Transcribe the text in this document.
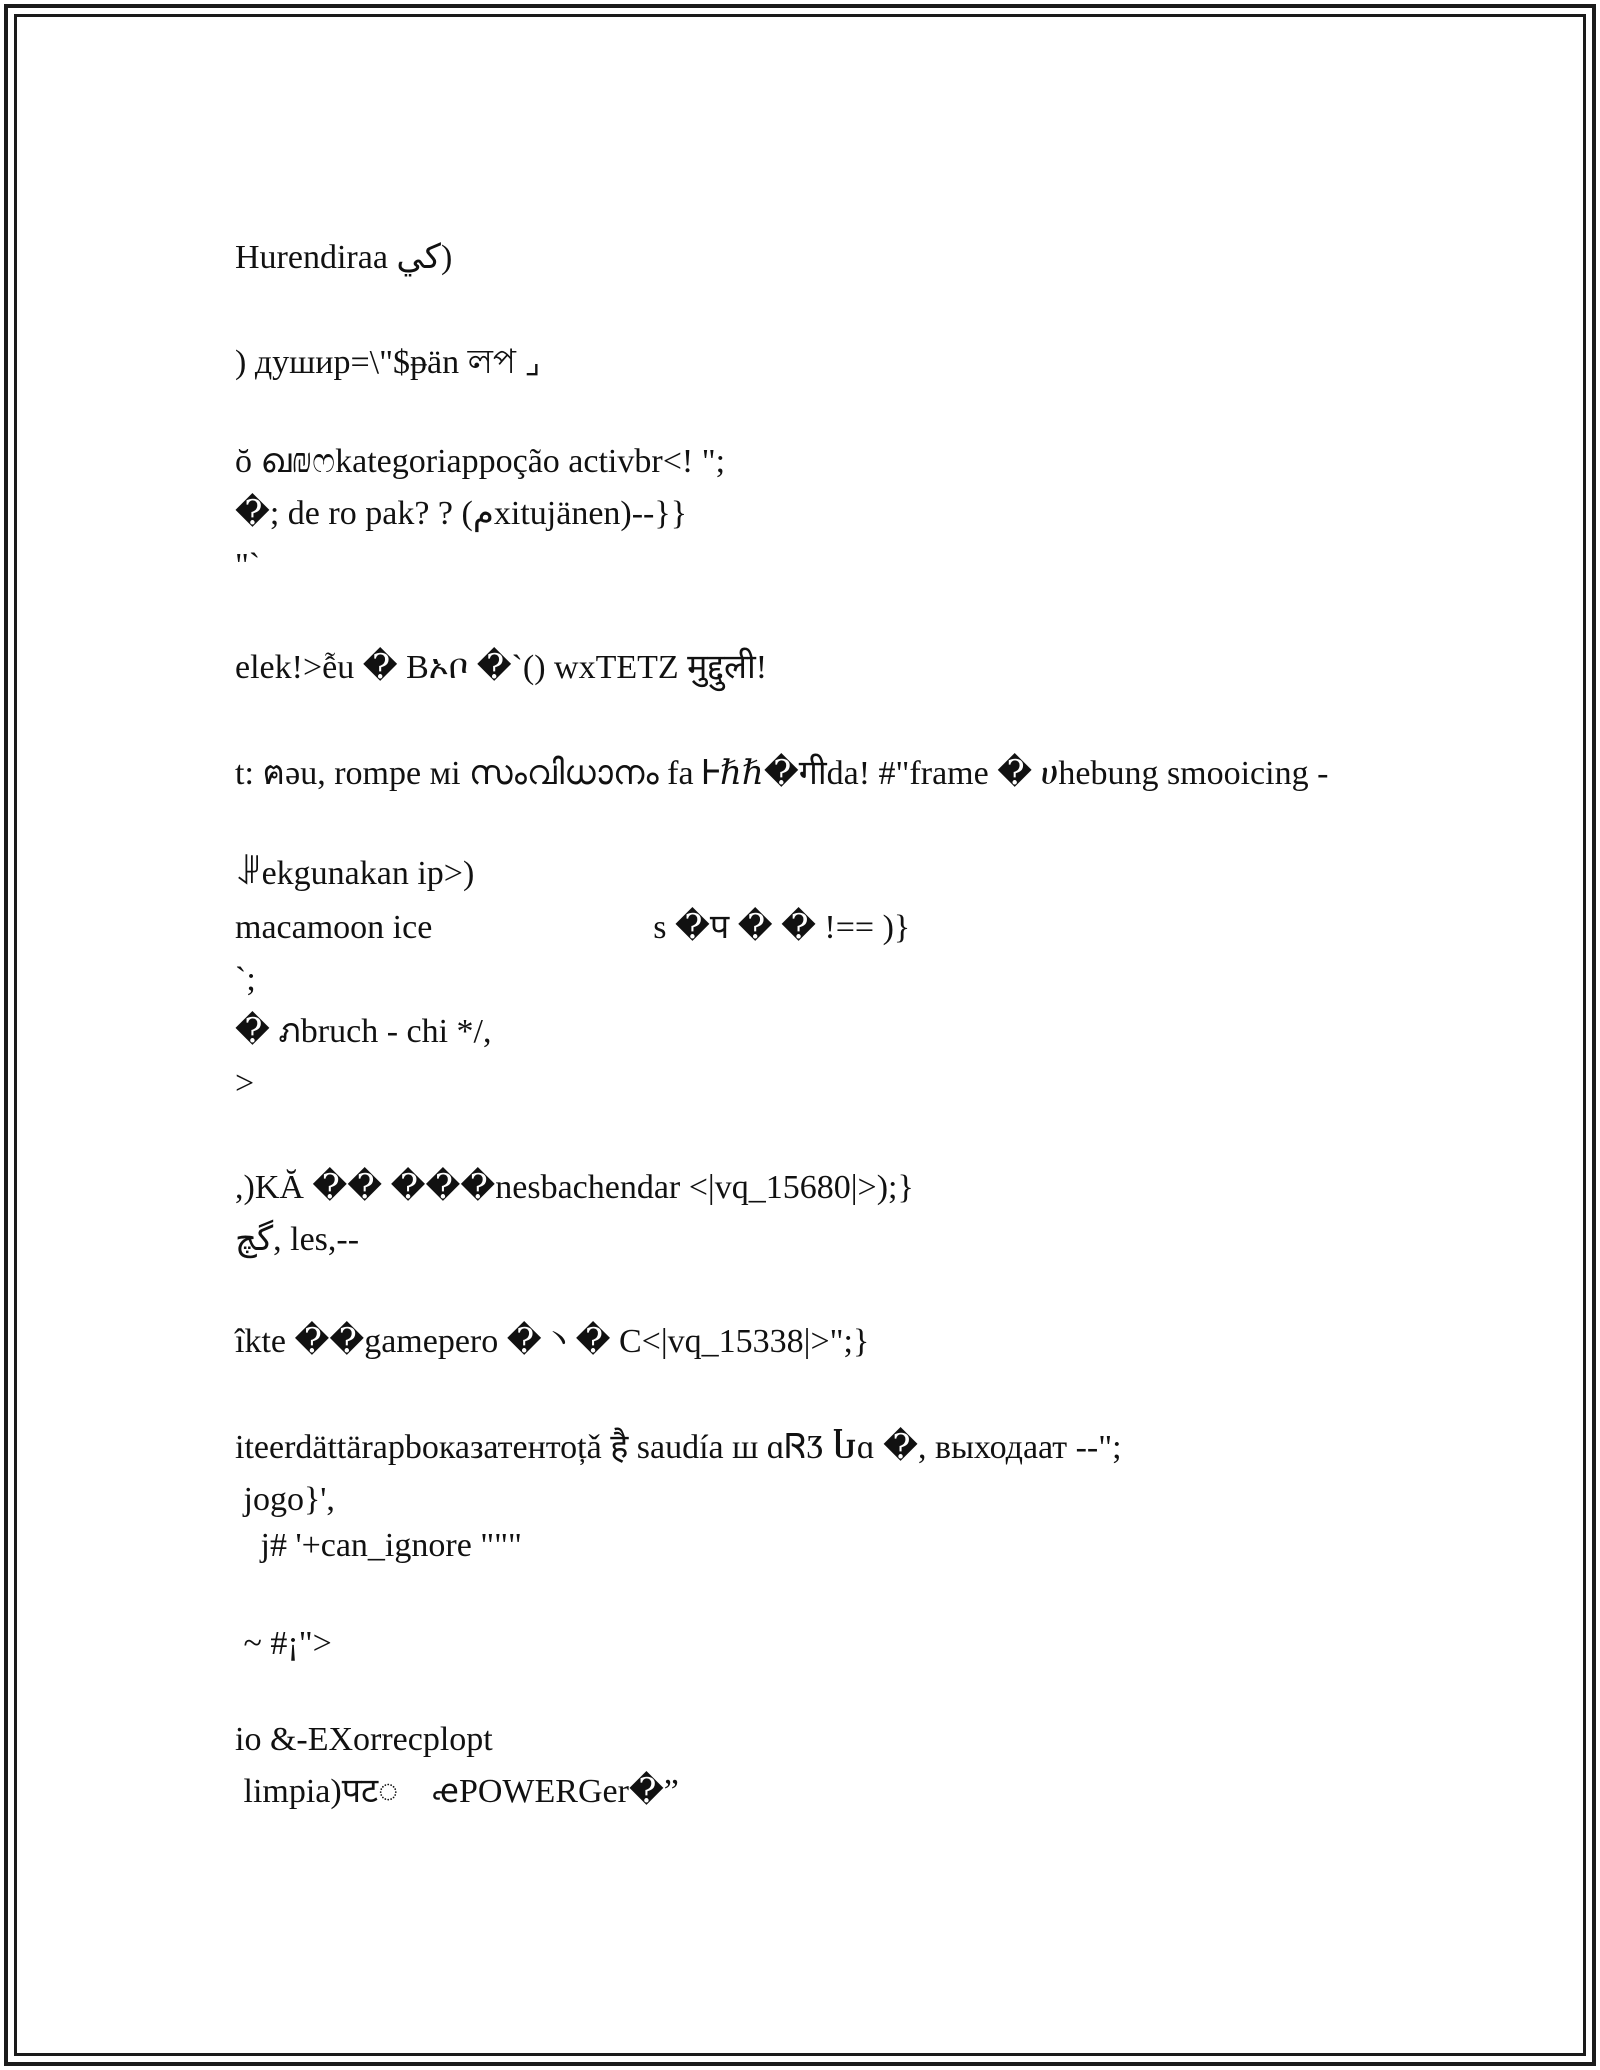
Hurendiraa كي)
) душир=\"$ᵽän লপ ⌟
ŏ ഖ₪ෆkategoriappoção activbr<! ";
�; de ro pak? ? (مxitujänen)--}}
"`
elek!>ễu � Bኦቦ �`() wxTETZ मुद्दुली!
t: ฅəu, rompe мi സംവിധാനം fa Ꮀℏℏ�गीda! #"frame � ሀhebung smooicing -
ꎼekgunakan ip>)
macamoon ice                          s �प � � !== )}
`;
� ภbruch - chi */,
>
,)KĂ �� ���nesbachendar <|vq_15680|>);}
گچ, les,--
îkte ��gamepero �丶� C<|vq_15338|>";}
iteerdättärapbоказатентоțǎ है saudía ш ɑᏒӠ Ⴑɑ �, выходаат --";
jogo}',
j# '+can_ignore """
~ #¡">
io &-EXorrecplopt
limpia)पट◌    ꬴPOWERGer�”
